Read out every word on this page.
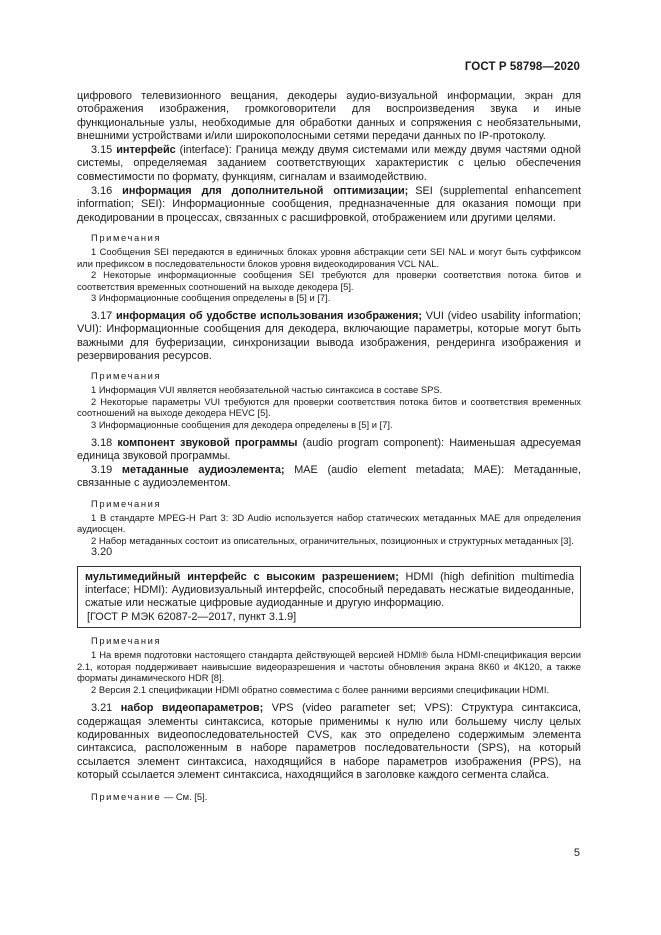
ГОСТ Р 58798—2020

цифрового телевизионного вещания, декодеры аудио-визуальной информации, экран для отображения изображения, громкоговорители для воспроизведения звука и иные функциональные узлы, необходимые для обработки данных и сопряжения с необязательными, внешними устройствами и/или широкополосными сетями передачи данных по IP-протоколу.

3.15 интерфейс (interface): Граница между двумя системами или между двумя частями одной системы, определяемая заданием соответствующих характеристик с целью обеспечения совместимости по формату, функциям, сигналам и взаимодействию.

3.16 информация для дополнительной оптимизации; SEI (supplemental enhancement information; SEI): Информационные сообщения, предназначенные для оказания помощи при декодировании в процессах, связанных с расшифровкой, отображением или другими целями.

Примечания

1 Сообщения SEI передаются в единичных блоках уровня абстракции сети SEI NAL и могут быть суффиксом или префиксом в последовательности блоков уровня видеокодирования VCL NAL.

2 Некоторые информационные сообщения SEI требуются для проверки соответствия потока битов и соответствия временных соотношений на выходе декодера [5].

3 Информационные сообщения определены в [5] и [7].

3.17 информация об удобстве использования изображения; VUI (video usability information; VUI): Информационные сообщения для декодера, включающие параметры, которые могут быть важными для буферизации, синхронизации вывода изображения, рендеринга изображения и резервирования ресурсов.

Примечания

1 Информация VUI является необязательной частью синтаксиса в составе SPS.

2 Некоторые параметры VUI требуются для проверки соответствия потока битов и соответствия временных соотношений на выходе декодера HEVC [5].

3 Информационные сообщения для декодера определены в [5] и [7].

3.18 компонент звуковой программы (audio program component): Наименьшая адресуемая единица звуковой программы.

3.19 метаданные аудиоэлемента; MAE (audio element metadata; MAE): Метаданные, связанные с аудиоэлементом.

Примечания

1 В стандарте MPEG-H Part 3: 3D Audio используется набор статических метаданных MAE для определения аудиосцен.

2 Набор метаданных состоит из описательных, ограничительных, позиционных и структурных метаданных [3].

3.20

мультимедийный интерфейс с высоким разрешением; HDMI (high definition multimedia interface; HDMI): Аудиовизуальный интерфейс, способный передавать несжатые видеоданные, сжатые или несжатые цифровые аудиоданные и другую информацию.

[ГОСТ Р МЭК 62087-2—2017, пункт 3.1.9]

Примечания

1 На время подготовки настоящего стандарта действующей версией HDMI® была HDMI-спецификация версии 2.1, которая поддерживает наивысшие видеоразрешения и частоты обновления экрана 8К60 и 4К120, а также форматы динамического HDR [8].

2 Версия 2.1 спецификации HDMI обратно совместима с более ранними версиями спецификации HDMI.

3.21 набор видеопараметров; VPS (video parameter set; VPS): Структура синтаксиса, содержащая элементы синтаксиса, которые применимы к нулю или большему числу целых кодированных видеопоследовательностей CVS, как это определено содержимым элемента синтаксиса, расположенным в наборе параметров последовательности (SPS), на который ссылается элемент синтаксиса, находящийся в наборе параметров изображения (PPS), на который ссылается элемент синтаксиса, находящийся в заголовке каждого сегмента слайса.

Примечание — См. [5].
5
